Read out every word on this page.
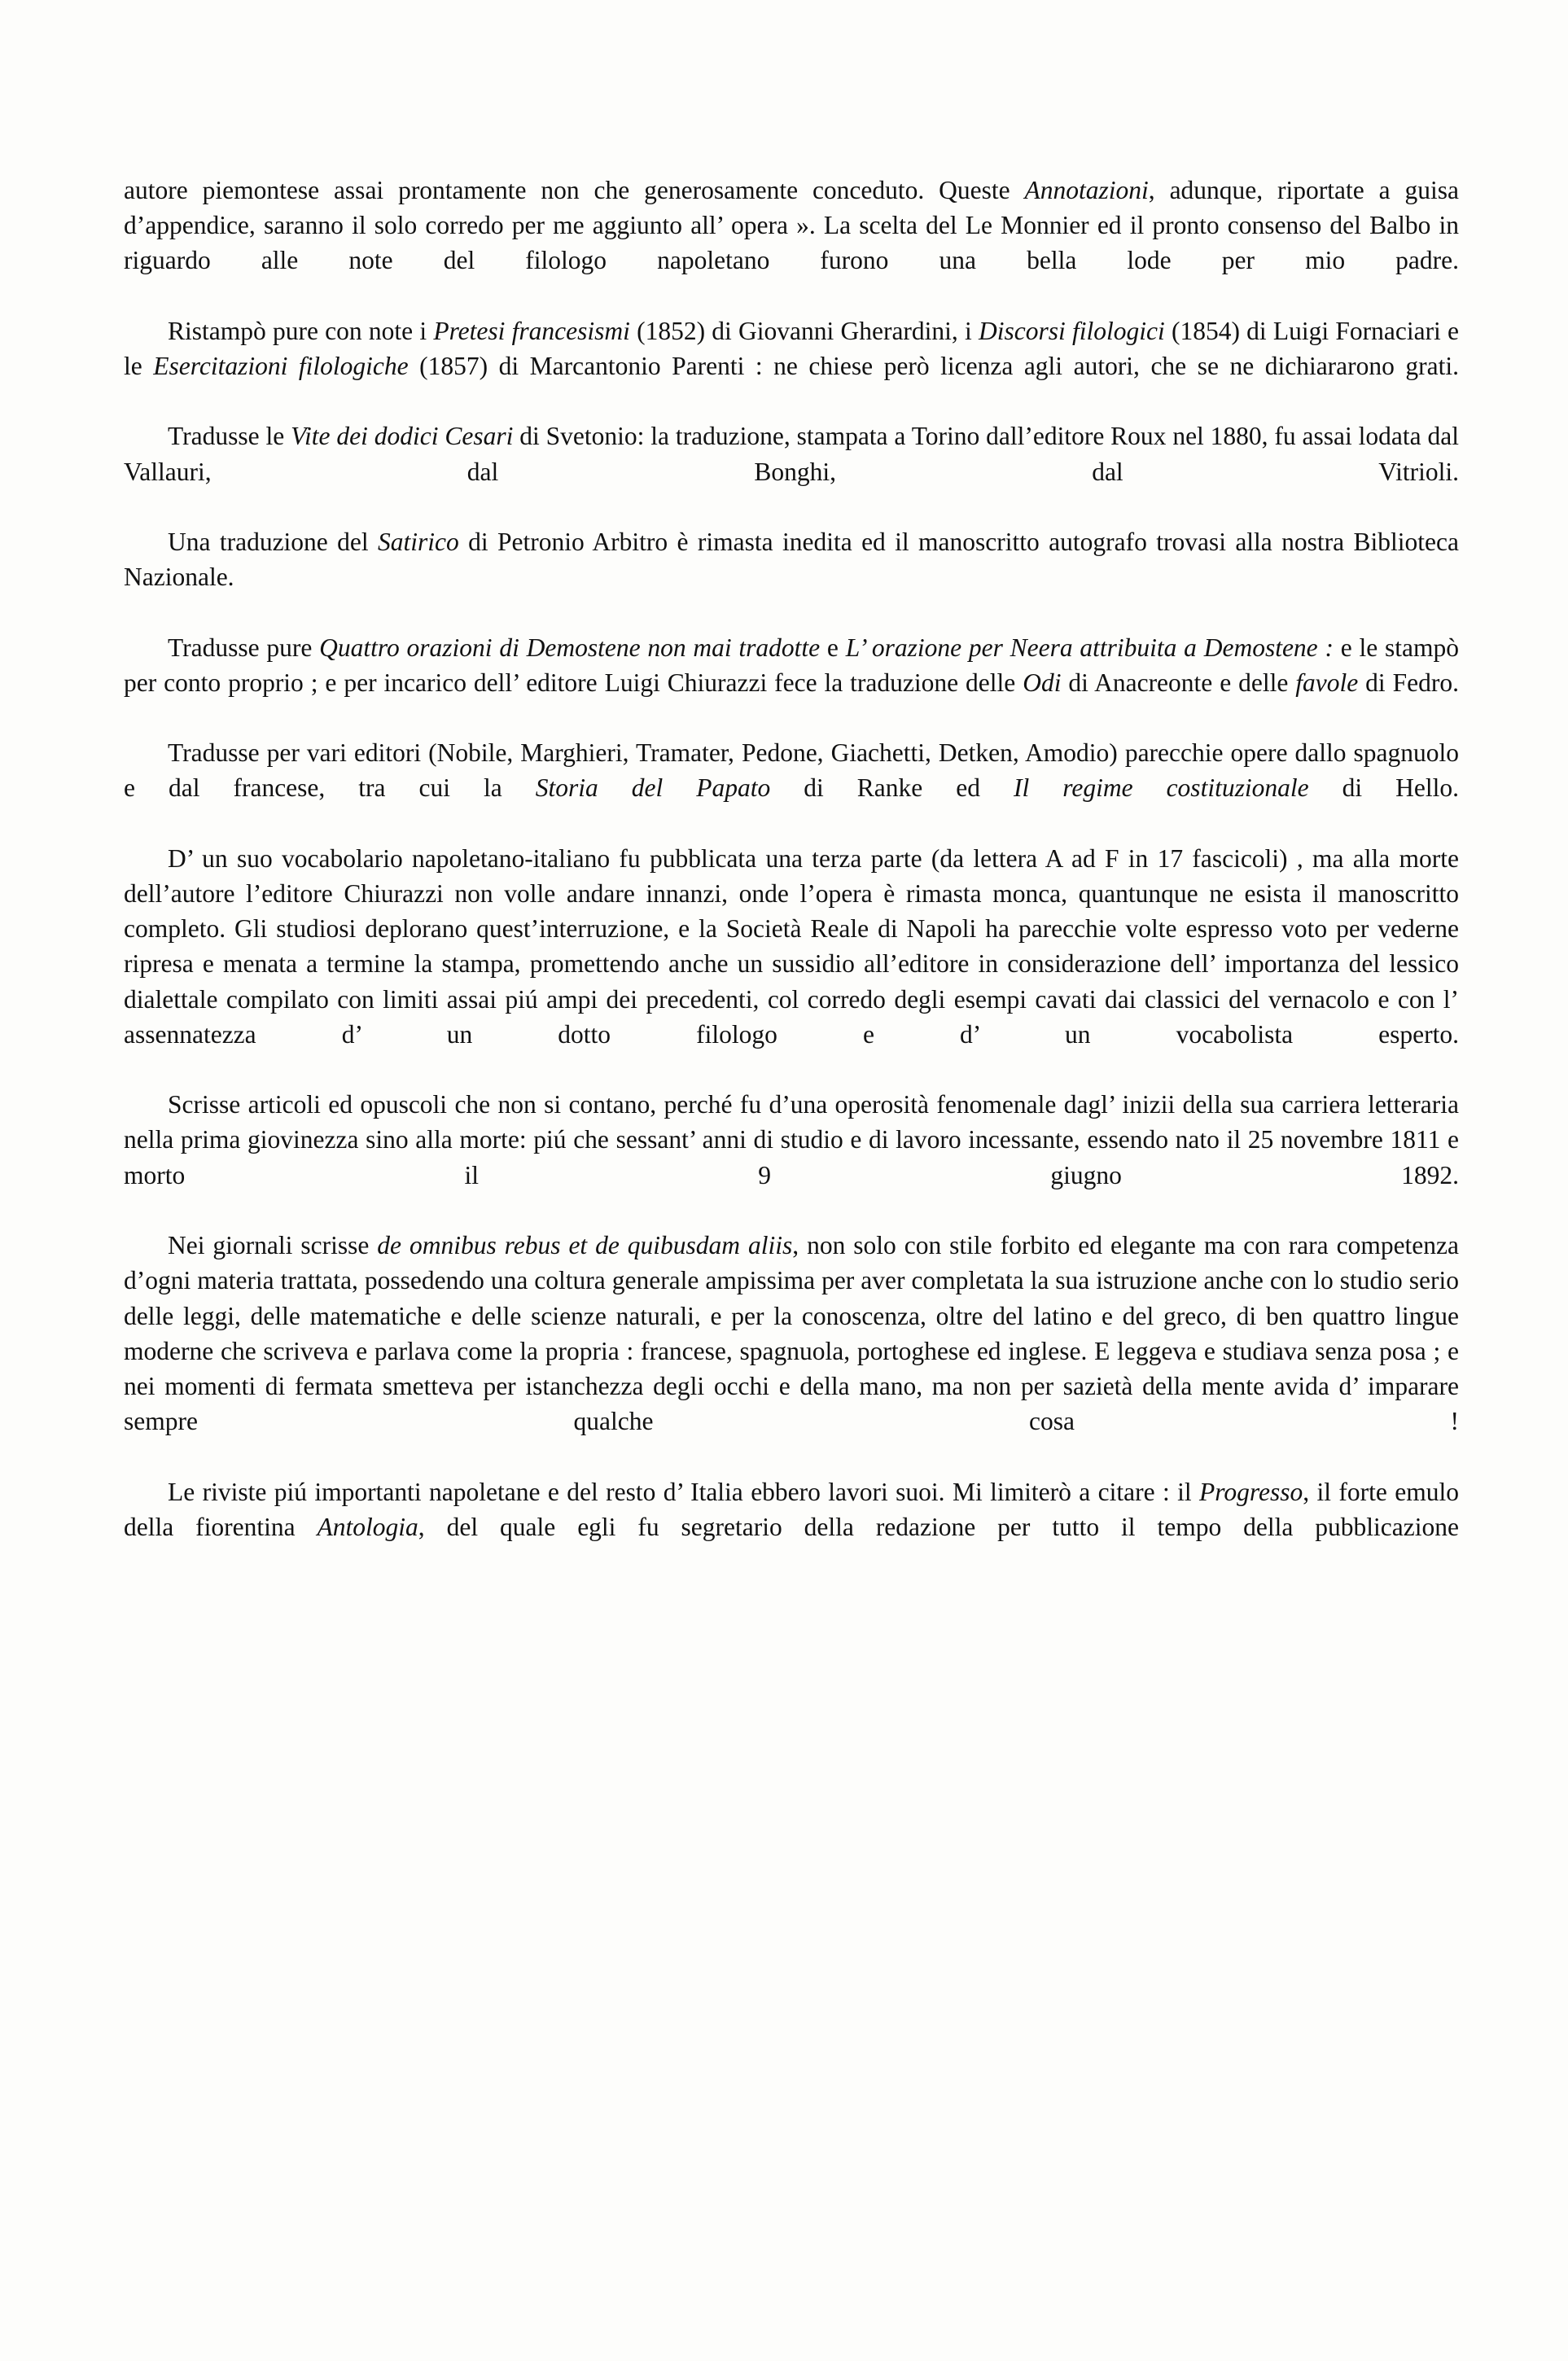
autore piemontese assai prontamente non che generosamente conceduto. Queste Annotazioni, adunque, riportate a guisa d’appendice, saranno il solo corredo per me aggiunto all’ opera ». La scelta del Le Monnier ed il pronto consenso del Balbo in riguardo alle note del filologo napoletano furono una bella lode per mio padre.

Ristampò pure con note i Pretesi francesismi (1852) di Giovanni Gherardini, i Discorsi filologici (1854) di Luigi Fornaciari e le Esercitazioni filologiche (1857) di Marcantonio Parenti : ne chiese però licenza agli autori, che se ne dichiararono grati.

Tradusse le Vite dei dodici Cesari di Svetonio: la traduzione, stampata a Torino dall’editore Roux nel 1880, fu assai lodata dal Vallauri, dal Bonghi, dal Vitrioli.

Una traduzione del Satirico di Petronio Arbitro è rimasta inedita ed il manoscritto autografo trovasi alla nostra Biblioteca Nazionale.

Tradusse pure Quattro orazioni di Demostene non mai tradotte e L’ orazione per Neera attribuita a Demostene : e le stampò per conto proprio ; e per incarico dell’ editore Luigi Chiurazzi fece la traduzione delle Odi di Anacreonte e delle favole di Fedro.

Tradusse per vari editori (Nobile, Marghieri, Tramater, Pedone, Giachetti, Detken, Amodio) parecchie opere dallo spagnuolo e dal francese, tra cui la Storia del Papato di Ranke ed Il regime costituzionale di Hello.

D’ un suo vocabolario napoletano-italiano fu pubblicata una terza parte (da lettera A ad F in 17 fascicoli) , ma alla morte dell’autore l’editore Chiurazzi non volle andare innanzi, onde l’opera è rimasta monca, quantunque ne esista il manoscritto completo. Gli studiosi deplorano quest’interruzione, e la Società Reale di Napoli ha parecchie volte espresso voto per vederne ripresa e menata a termine la stampa, promettendo anche un sussidio all’editore in considerazione dell’ importanza del lessico dialettale compilato con limiti assai piú ampi dei precedenti, col corredo degli esempi cavati dai classici del vernacolo e con l’ assennatezza d’ un dotto filologo e d’ un vocabolista esperto.

Scrisse articoli ed opuscoli che non si contano, perché fu d’una operosità fenomenale dagl’ inizii della sua carriera letteraria nella prima giovinezza sino alla morte: piú che sessant’ anni di studio e di lavoro incessante, essendo nato il 25 novembre 1811 e morto il 9 giugno 1892.

Nei giornali scrisse de omnibus rebus et de quibusdam aliis, non solo con stile forbito ed elegante ma con rara competenza d’ogni materia trattata, possedendo una coltura generale ampissima per aver completata la sua istruzione anche con lo studio serio delle leggi, delle matematiche e delle scienze naturali, e per la conoscenza, oltre del latino e del greco, di ben quattro lingue moderne che scriveva e parlava come la propria : francese, spagnuola, portoghese ed inglese. E leggeva e studiava senza posa ; e nei momenti di fermata smetteva per istanchezza degli occhi e della mano, ma non per sazietà della mente avida d’ imparare sempre qualche cosa !

Le riviste piú importanti napoletane e del resto d’ Italia ebbero lavori suoi. Mi limiterò a citare : il Progresso, il forte emulo della fiorentina Antologia, del quale egli fu segretario della redazione per tutto il tempo della pubblicazione
